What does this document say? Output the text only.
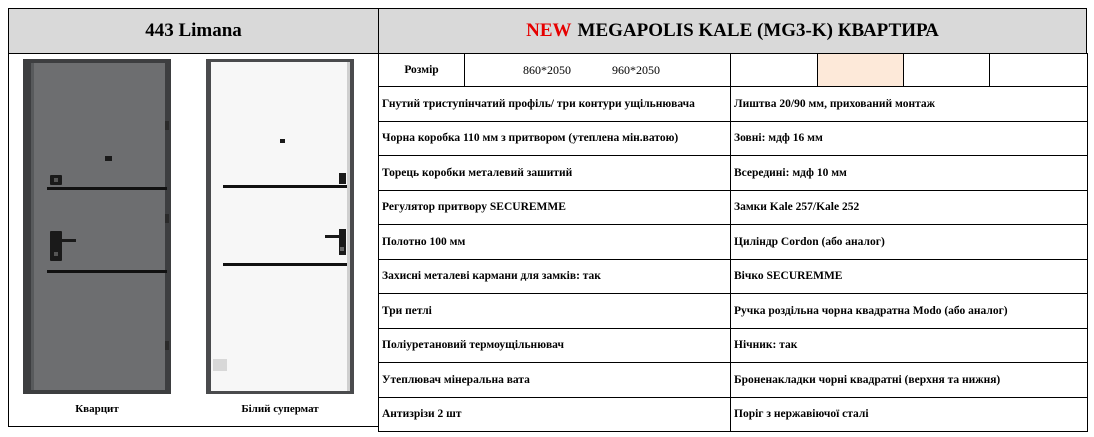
443 Limana	NEW MEGAPOLIS KALE (MG3-K) КВАРТИРА
Кварцит	Білий супермат
Розмір	860*2050 960*2050				
Гнутий триступінчатий профіль/ три контури ущільнювача		Лиштва 20/90 мм, прихований монтаж			
Чорна коробка 110 мм з притвором (утеплена мін.ватою)		Зовні: мдф 16 мм			
Торець коробки металевий зашитий		Всередині: мдф 10 мм			
Регулятор притвору SECUREMME		Замки Kale 257/Kale 252			
Полотно 100 мм		Циліндр Cordon (або аналог)			
Захисні металеві кармани для замків: так		Вічко SECUREMME			
Три петлі		Ручка роздільна чорна квадратна Modo (або аналог)			
Поліуретановий термоущільнювач		Нічник: так			
Утеплювач мінеральна вата		Броненакладки чорні квадратні (верхня та нижня)			
Антизрізи 2 шт		Поріг з нержавіючої сталі			
